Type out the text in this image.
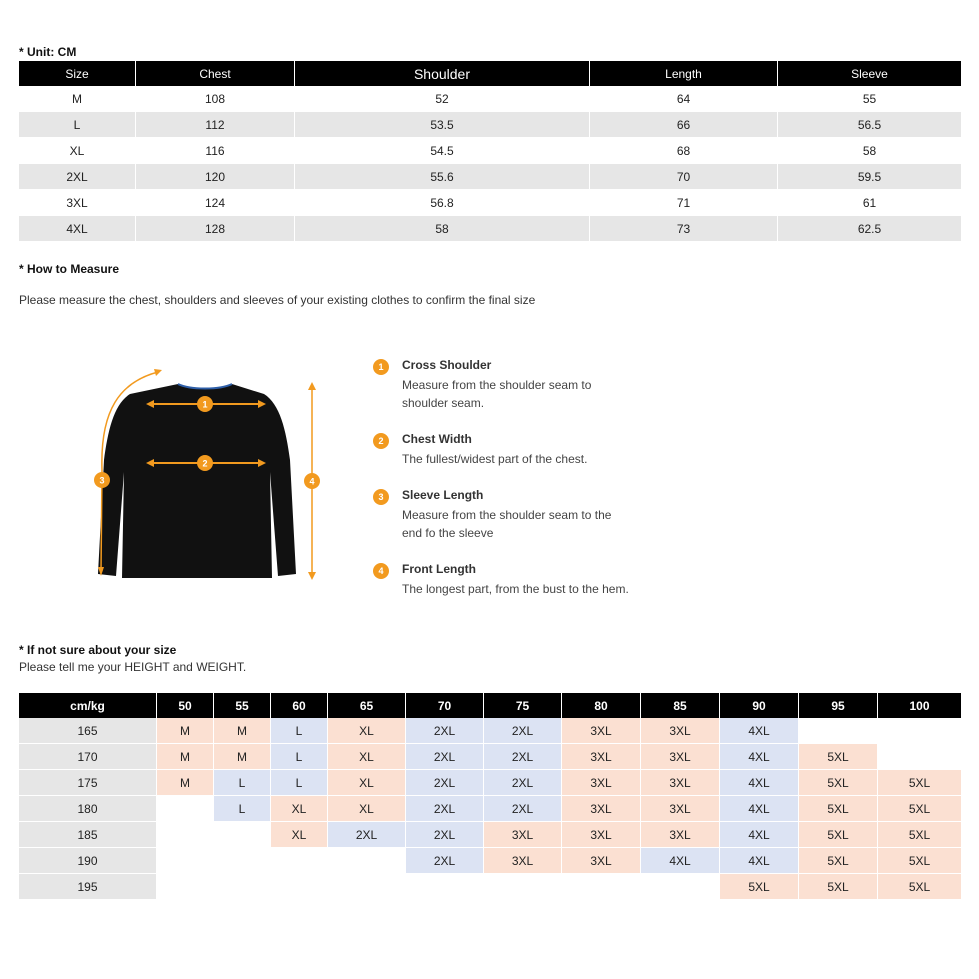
* Unit: CM
Size	Chest	Shoulder	Length	Sleeve
M	108	52	64	55
L	112	53.5	66	56.5
XL	116	54.5	68	58
2XL	120	55.6	70	59.5
3XL	124	56.8	71	61
4XL	128	58	73	62.5
* How to Measure
Please measure the chest, shoulders and sleeves of your existing clothes to confirm the final size
1
2
3	4
1	Cross Shoulder
Measure from the shoulder seam to shoulder seam.
2	Chest Width
The fullest/widest part of the chest.
3	Sleeve Length
Measure from the shoulder seam to the end fo the sleeve
4	Front Length
The longest part, from the bust to the hem.
* If not sure about your size
Please tell me your HEIGHT and WEIGHT.
cm/kg	50	55	60	65	70	75	80	85	90	95	100
165	M	M	L	XL	2XL	2XL	3XL	3XL	4XL		
170	M	M	L	XL	2XL	2XL	3XL	3XL	4XL	5XL	
175	M	L	L	XL	2XL	2XL	3XL	3XL	4XL	5XL	5XL
180		L	XL	XL	2XL	2XL	3XL	3XL	4XL	5XL	5XL
185			XL	2XL	2XL	3XL	3XL	3XL	4XL	5XL	5XL
190					2XL	3XL	3XL	4XL	4XL	5XL	5XL
195									5XL	5XL	5XL
